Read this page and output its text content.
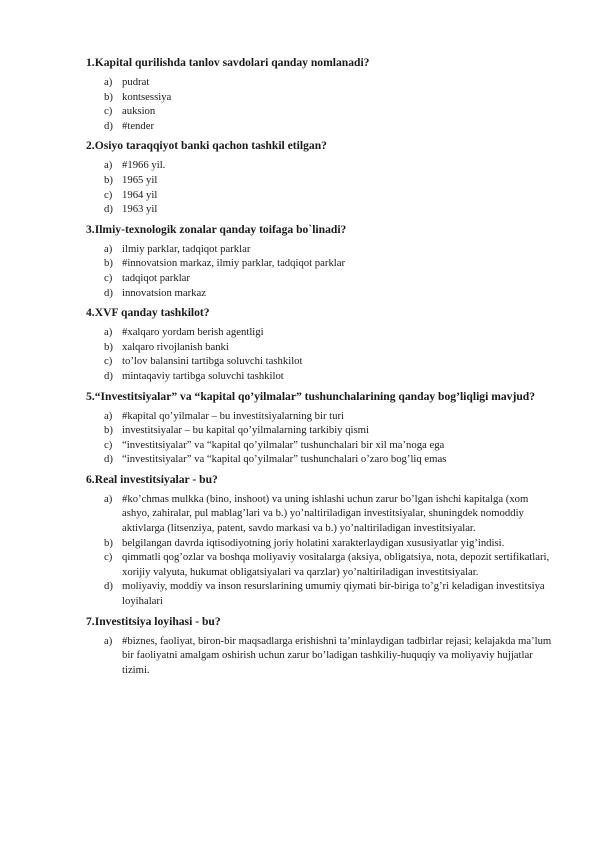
1.Kapital qurilishda tanlov savdolari qanday nomlanadi?

a) pudrat
b) kontsessiya
c) auksion
d) #tender

2.Osiyo taraqqiyot banki qachon tashkil etilgan?

a) #1966 yil.
b) 1965 yil
c) 1964 yil
d) 1963 yil

3.Ilmiy-texnologik zonalar qanday toifaga bo`linadi?

a) ilmiy parklar, tadqiqot parklar
b) #innovatsion markaz, ilmiy parklar, tadqiqot parklar
c) tadqiqot parklar
d) innovatsion markaz

4.XVF qanday tashkilot?

a) #xalqaro yordam berish agentligi
b) xalqaro rivojlanish banki
c) to’lov balansini tartibga soluvchi tashkilot
d) mintaqaviy tartibga soluvchi tashkilot

5.“Investitsiyalar” va “kapital qo’yilmalar” tushunchalarining qanday bog’liqligi mavjud?

a) #kapital qo’yilmalar – bu investitsiyalarning bir turi
b) investitsiyalar – bu kapital qo’yilmalarning tarkibiy qismi
c) “investitsiyalar” va “kapital qo’yilmalar” tushunchalari bir xil ma’noga ega
d) “investitsiyalar” va “kapital qo’yilmalar” tushunchalari o’zaro bog’liq emas

6.Real investitsiyalar - bu?

a) #ko’chmas mulkka (bino, inshoot) va uning ishlashi uchun zarur bo’lgan ishchi kapitalga (xom ashyo, zahiralar, pul mablag’lari va b.) yo’naltiriladigan investitsiyalar, shuningdek nomoddiy aktivlarga (litsenziya, patent, savdo markasi va b.) yo’naltiriladigan investitsiyalar.
b) belgilangan davrda iqtisodiyotning joriy holatini xarakterlaydigan xususiyatlar yig’indisi.
c) qimmatli qog’ozlar va boshqa moliyaviy vositalarga (aksiya, obligatsiya, nota, depozit sertifikatlari, xorijiy valyuta, hukumat obligatsiyalari va qarzlar) yo’naltiriladigan investitsiyalar.
d) moliyaviy, moddiy va inson resurslarining umumiy qiymati bir-biriga to’g’ri keladigan investitsiya loyihalari

7.Investitsiya loyihasi - bu?

a) #biznes, faoliyat, biron-bir maqsadlarga erishishni ta’minlaydigan tadbirlar rejasi; kelajakda ma’lum bir faoliyatni amalgam oshirish uchun zarur bo’ladigan tashkiliy-huquqiy va moliyaviy hujjatlar tizimi.
